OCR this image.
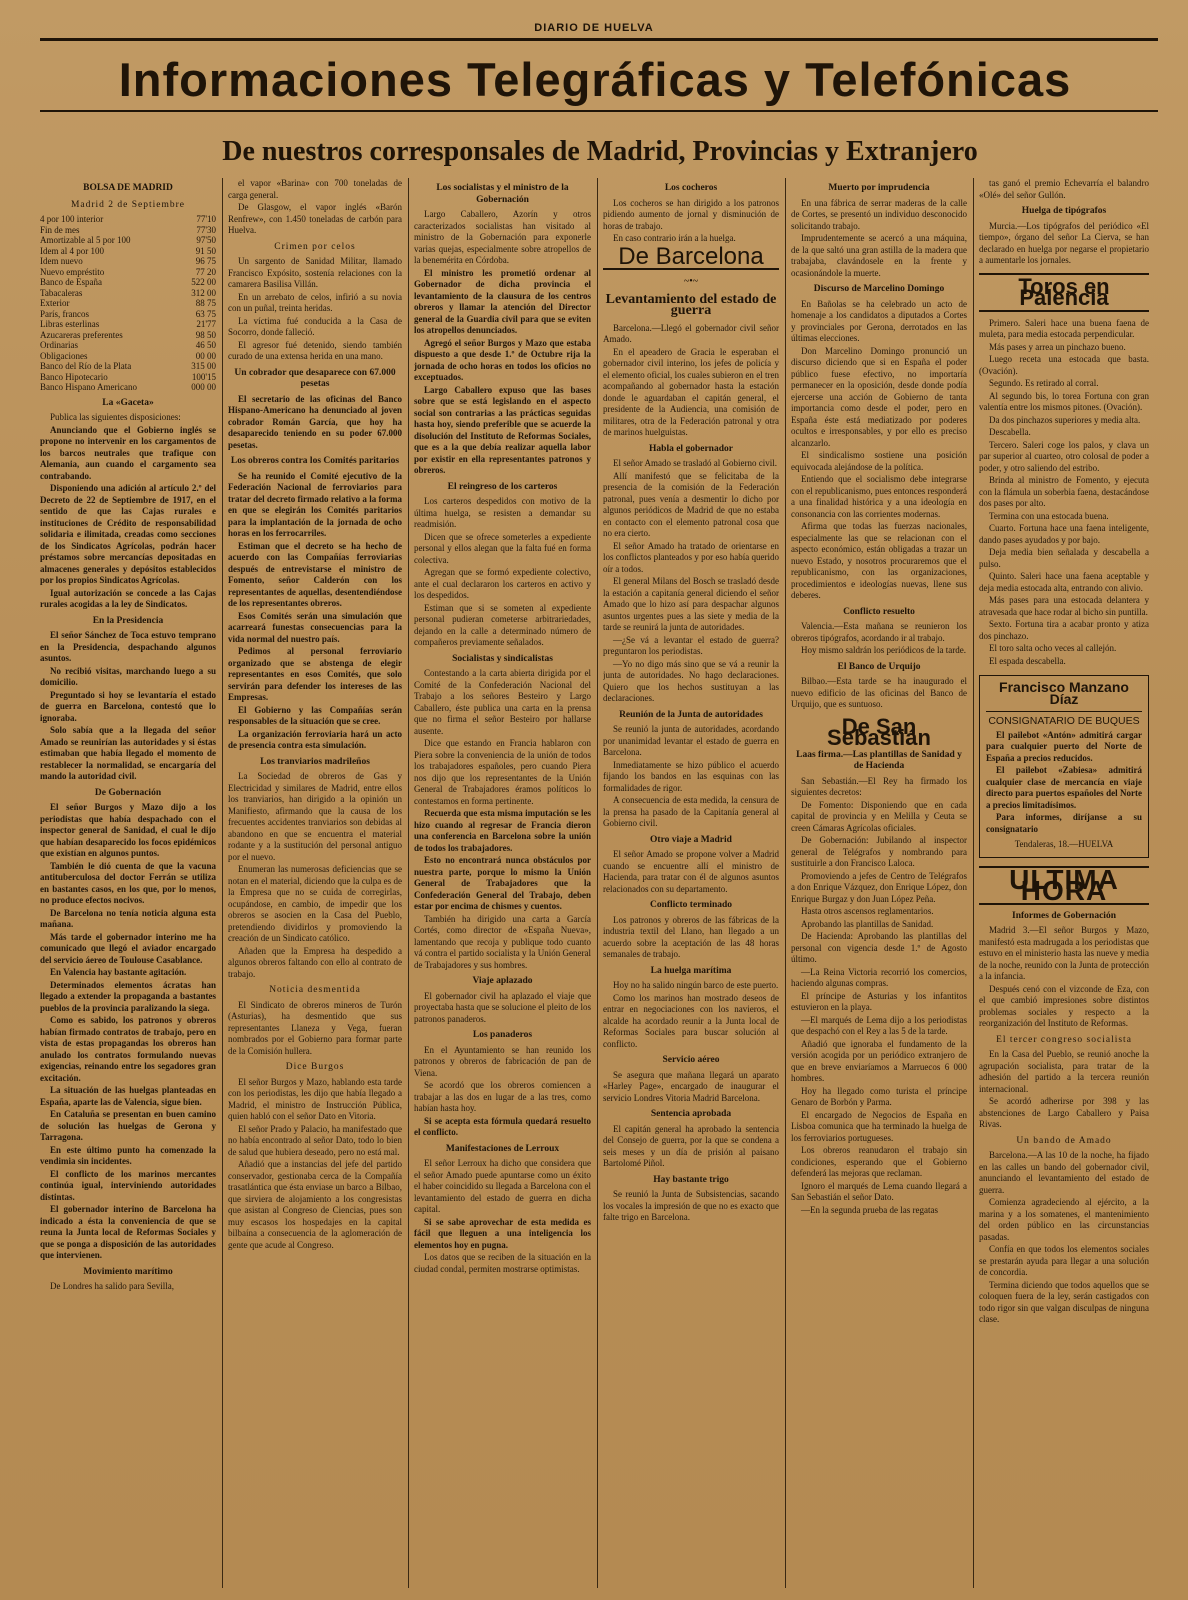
DIARIO DE HUELVA
Informaciones Telegráficas y Telefónicas
De nuestros corresponsales de Madrid, Provincias y Extranjero
BOLSA DE MADRID
Madrid 2 de Septiembre
4 por 100 interior	77'10
Fin de mes	77'30
Amortizable al 5 por 100	97'50
Idem al 4 por 100	91 50
Idem nuevo	96 75
Nuevo empréstito	77 20
Banco de España	522 00
Tabacaleras	312 00
Exterior	88 75
París, francos	63 75
Libras esterlinas	21'77
Azucareras preferentes	98 50
Ordinarias	46 50
Obligaciones	00 00
Banco del Río de la Plata	315 00
Banco Hipotecario	100'15
Banco Hispano Americano	000 00
La «Gaceta»

Publica las siguientes disposiciones:

Anunciando que el Gobierno inglés se propone no intervenir en los cargamentos de los barcos neutrales que trafique con Alemania, aun cuando el cargamento sea contrabando.

Disponiendo una adición al artículo 2.º del Decreto de 22 de Septiembre de 1917, en el sentido de que las Cajas rurales e instituciones de Crédito de responsabilidad solidaria e ilimitada, creadas como secciones de los Sindicatos Agrícolas, podrán hacer préstamos sobre mercancías depositadas en almacenes generales y depósitos establecidos por los propios Sindicatos Agrícolas.

Igual autorización se concede a las Cajas rurales acogidas a la ley de Sindicatos.

En la Presidencia

El señor Sánchez de Toca estuvo temprano en la Presidencia, despachando algunos asuntos.

No recibió visitas, marchando luego a su domicilio.

Preguntado si hoy se levantaría el estado de guerra en Barcelona, contestó que lo ignoraba.

Solo sabía que a la llegada del señor Amado se reunirían las autoridades y si éstas estimaban que había llegado el momento de restablecer la normalidad, se encargaría del mando la autoridad civil.

De Gobernación

El señor Burgos y Mazo dijo a los periodistas que había despachado con el inspector general de Sanidad, el cual le dijo que habían desaparecido los focos epidémicos que existían en algunos puntos.

También le dió cuenta de que la vacuna antituberculosa del doctor Ferrán se utiliza en bastantes casos, en los que, por lo menos, no produce efectos nocivos.

De Barcelona no tenía noticia alguna esta mañana.

Más tarde el gobernador interino me ha comunicado que llegó el aviador encargado del servicio áereo de Toulouse Casablance.

En Valencia hay bastante agitación.

Determinados elementos ácratas han llegado a extender la propaganda a bastantes pueblos de la provincia paralizando la siega.

Como es sabido, los patronos y obreros habían firmado contratos de trabajo, pero en vista de estas propagandas los obreros han anulado los contratos formulando nuevas exigencias, reinando entre los segadores gran excitación.

La situación de las huelgas planteadas en España, aparte las de Valencia, sigue bien.

En Cataluña se presentan en buen camino de solución las huelgas de Gerona y Tarragona.

En este último punto ha comenzado la vendimia sin incidentes.

El conflicto de los marinos mercantes continúa igual, interviniendo autoridades distintas.

El gobernador interino de Barcelona ha indicado a ésta la conveniencia de que se reuna la Junta local de Reformas Sociales y que se ponga a disposición de las autoridades que intervienen.

Movimiento marítimo

De Londres ha salido para Sevilla,

el vapor «Barina» con 700 toneladas de carga general.

De Glasgow, el vapor inglés «Barón Renfrew», con 1.450 toneladas de carbón para Huelva.

Crimen por celos

Un sargento de Sanidad Militar, llamado Francisco Expósito, sostenía relaciones con la camarera Basilisa Villán.

En un arrebato de celos, infirió a su novia con un puñal, treinta heridas.

La víctima fué conducida a la Casa de Socorro, donde falleció.

El agresor fué detenido, siendo también curado de una extensa herida en una mano.

Un cobrador que desaparece con 67.000 pesetas

El secretario de las oficinas del Banco Hispano-Americano ha denunciado al joven cobrador Román García, que hoy ha desaparecido teniendo en su poder 67.000 pesetas.

Los obreros contra los Comités paritarios

Se ha reunido el Comité ejecutivo de la Federación Nacional de ferroviarios para tratar del decreto firmado relativo a la forma en que se elegirán los Comités paritarios para la implantación de la jornada de ocho horas en los ferrocarriles.

Estiman que el decreto se ha hecho de acuerdo con las Compañías ferroviarias después de entrevistarse el ministro de Fomento, señor Calderón con los representantes de aquellas, desentendiéndose de los representantes obreros.

Esos Comités serán una simulación que acarreará funestas consecuencias para la vida normal del nuestro país.

Pedimos al personal ferroviario organizado que se abstenga de elegir representantes en esos Comités, que solo servirán para defender los intereses de las Empresas.

El Gobierno y las Compañías serán responsables de la situación que se cree.

La organización ferroviaria hará un acto de presencia contra esta simulación.

Los tranviarios madrileños

La Sociedad de obreros de Gas y Electricidad y similares de Madrid, entre ellos los tranviarios, han dirigido a la opinión un Manifiesto, afirmando que la causa de los frecuentes accidentes tranviarios son debidas al abandono en que se encuentra el material rodante y a la sustitución del personal antiguo por el nuevo.

Enumeran las numerosas deficiencias que se notan en el material, diciendo que la culpa es de la Empresa que no se cuida de corregirlas, ocupándose, en cambio, de impedir que los obreros se asocien en la Casa del Pueblo, pretendiendo dividirlos y promoviendo la creación de un Sindicato católico.

Añaden que la Empresa ha despedido a algunos obreros faltando con ello al contrato de trabajo.

Noticia desmentida

El Sindicato de obreros mineros de Turón (Asturias), ha desmentido que sus representantes Llaneza y Vega, fueran nombrados por el Gobierno para formar parte de la Comisión hullera.

Dice Burgos

El señor Burgos y Mazo, hablando esta tarde con los periodistas, les dijo que había llegado a Madrid, el ministro de Instrucción Pública, quien habló con el señor Dato en Vitoria.

El señor Prado y Palacio, ha manifestado que no había encontrado al señor Dato, todo lo bien de salud que hubiera deseado, pero no está mal.

Añadió que a instancias del jefe del partido conservador, gestionaba cerca de la Compañía trasatlántica que ésta enviase un barco a Bilbao, que sirviera de alojamiento a los congresistas que asistan al Congreso de Ciencias, pues son muy escasos los hospedajes en la capital bilbaína a consecuencia de la aglomeración de gente que acude al Congreso.

Los socialistas y el ministro de la Gobernación

Largo Caballero, Azorín y otros caracterizados socialistas han visitado al ministro de la Gobernación para exponerle varias quejas, especialmente sobre atropellos de la benemérita en Córdoba.

El ministro les prometió ordenar al Gobernador de dicha provincia el levantamiento de la clausura de los centros obreros y llamar la atención del Director general de la Guardia civil para que se eviten los atropellos denunciados.

Agregó el señor Burgos y Mazo que estaba dispuesto a que desde 1.º de Octubre rija la jornada de ocho horas en todos los oficios no exceptuados.

Largo Caballero expuso que las bases sobre que se está legislando en el aspecto social son contrarias a las prácticas seguidas hasta hoy, siendo preferible que se acuerde la disolución del Instituto de Reformas Sociales, que es a la que debía realizar aquella labor por existir en ella representantes patronos y obreros.

El reingreso de los carteros

Los carteros despedidos con motivo de la última huelga, se resisten a demandar su readmisión.

Dicen que se ofrece someterles a expediente personal y ellos alegan que la falta fué en forma colectiva.

Agregan que se formó expediente colectivo, ante el cual declararon los carteros en activo y los despedidos.

Estiman que si se someten al expediente personal pudieran cometerse arbitrariedades, dejando en la calle a determinado número de compañeros previamente señalados.

Socialistas y sindicalistas

Contestando a la carta abierta dirigida por el Comité de la Confederación Nacional del Trabajo a los señores Besteiro y Largo Caballero, éste publica una carta en la prensa que no firma el señor Besteiro por hallarse ausente.

Dice que estando en Francia hablaron con Piera sobre la conveniencia de la unión de todos los trabajadores españoles, pero cuando Piera nos dijo que los representantes de la Unión General de Trabajadores éramos políticos lo contestamos en forma pertinente.

Recuerda que esta misma imputación se les hizo cuando al regresar de Francia dieron una conferencia en Barcelona sobre la unión de todos los trabajadores.

Esto no encontrará nunca obstáculos por nuestra parte, porque lo mismo la Unión General de Trabajadores que la Confederación General del Trabajo, deben estar por encima de chismes y cuentos.

También ha dirigido una carta a García Cortés, como director de «España Nueva», lamentando que recoja y publique todo cuanto vá contra el partido socialista y la Unión General de Trabajadores y sus hombres.

Viaje aplazado

El gobernador civil ha aplazado el viaje que proyectaba hasta que se solucione el pleito de los patronos panaderos.

Los panaderos

En el Ayuntamiento se han reunido los patronos y obreros de fabricación de pan de Viena.

Se acordó que los obreros comiencen a trabajar a las dos en lugar de a las tres, como habían hasta hoy.

Si se acepta esta fórmula quedará resuelto el conflicto.

Manifestaciones de Lerroux

El señor Lerroux ha dicho que considera que el señor Amado puede apuntarse como un éxito el haber coincidido su llegada a Barcelona con el levantamiento del estado de guerra en dicha capital.

Si se sabe aprovechar de esta medida es fácil que lleguen a una inteligencia los elementos hoy en pugna.

Los datos que se reciben de la situación en la ciudad condal, permiten mostrarse optimistas.

Los cocheros

Los cocheros se han dirigido a los patronos pidiendo aumento de jornal y disminución de horas de trabajo.

En caso contrario irán a la huelga.

De Barcelona
~•~
Levantamiento del estado de guerra

Barcelona.—Llegó el gobernador civil señor Amado.

En el apeadero de Gracia le esperaban el gobernador civil interino, los jefes de policía y el elemento oficial, los cuales subieron en el tren acompañando al gobernador hasta la estación donde le aguardaban el capitán general, el presidente de la Audiencia, una comisión de militares, otra de la Federación patronal y otra de marinos huelguistas.

Habla el gobernador

El señor Amado se trasladó al Gobierno civil.

Allí manifestó que se felicitaba de la presencia de la comisión de la Federación patronal, pues venía a desmentir lo dicho por algunos periódicos de Madrid de que no estaba en contacto con el elemento patronal cosa que no era cierto.

El señor Amado ha tratado de orientarse en los conflictos planteados y por eso había querido oír a todos.

El general Milans del Bosch se trasladó desde la estación a capitanía general diciendo el señor Amado que lo hizo así para despachar algunos asuntos urgentes pues a las siete y media de la tarde se reunirá la junta de autoridades.

—¿Se vá a levantar el estado de guerra? preguntaron los periodistas.

—Yo no digo más sino que se vá a reunir la junta de autoridades. No hago declaraciones. Quiero que los hechos sustituyan a las declaraciones.

Reunión de la Junta de autoridades

Se reunió la junta de autoridades, acordando por unanimidad levantar el estado de guerra en Barcelona.

Inmediatamente se hizo público el acuerdo fijando los bandos en las esquinas con las formalidades de rigor.

A consecuencia de esta medida, la censura de la prensa ha pasado de la Capitanía general al Gobierno civil.

Otro viaje a Madrid

El señor Amado se propone volver a Madrid cuando se encuentre allí el ministro de Hacienda, para tratar con él de algunos asuntos relacionados con su departamento.

Conflicto terminado

Los patronos y obreros de las fábricas de la industria textil del Llano, han llegado a un acuerdo sobre la aceptación de las 48 horas semanales de trabajo.

La huelga marítima

Hoy no ha salido ningún barco de este puerto.

Como los marinos han mostrado deseos de entrar en negociaciones con los navieros, el alcalde ha acordado reunir a la Junta local de Reformas Sociales para buscar solución al conflicto.

Servicio aéreo

Se asegura que mañana llegará un aparato «Harley Page», encargado de inaugurar el servicio Londres Vitoria Madrid Barcelona.

Sentencia aprobada

El capitán general ha aprobado la sentencia del Consejo de guerra, por la que se condena a seis meses y un día de prisión al paisano Bartolomé Piñol.

Hay bastante trigo

Se reunió la Junta de Subsistencias, sacando los vocales la impresión de que no es exacto que falte trigo en Barcelona.

Muerto por imprudencia

En una fábrica de serrar maderas de la calle de Cortes, se presentó un individuo desconocido solicitando trabajo.

Imprudentemente se acercó a una máquina, de la que saltó una gran astilla de la madera que trabajaba, clavándosele en la frente y ocasionándole la muerte.

Discurso de Marcelino Domingo

En Bañolas se ha celebrado un acto de homenaje a los candidatos a diputados a Cortes y provinciales por Gerona, derrotados en las últimas elecciones.

Don Marcelino Domingo pronunció un discurso diciendo que si en España el poder público fuese efectivo, no importaría permanecer en la oposición, desde donde podía ejercerse una acción de Gobierno de tanta importancia como desde el poder, pero en España éste está mediatizado por poderes ocultos e irresponsables, y por ello es preciso alcanzarlo.

El sindicalismo sostiene una posición equivocada alejándose de la política.

Entiendo que el socialismo debe integrarse con el republicanismo, pues entonces responderá a una finalidad histórica y a una ideología en consonancia con las corrientes modernas.

Afirma que todas las fuerzas nacionales, especialmente las que se relacionan con el aspecto económico, están obligadas a trazar un nuevo Estado, y nosotros procuraremos que el republicanismo, con las organizaciones, procedimientos e ideologías nuevas, llene sus deberes.

Conflicto resuelto

Valencia.—Esta mañana se reunieron los obreros tipógrafos, acordando ir al trabajo.

Hoy mismo saldrán los periódicos de la tarde.

El Banco de Urquijo

Bilbao.—Esta tarde se ha inaugurado el nuevo edificio de las oficinas del Banco de Urquijo, que es suntuoso.

De San Sebastián
Laas firma.—Las plantillas de Sanidad y de Hacienda

San Sebastián.—El Rey ha firmado los siguientes decretos:

De Fomento: Disponiendo que en cada capital de provincia y en Melilla y Ceuta se creen Cámaras Agrícolas oficiales.

De Gobernación: Jubilando al inspector general de Telégrafos y nombrando para sustituirle a don Francisco Laloca.

Promoviendo a jefes de Centro de Telégrafos a don Enrique Vázquez, don Enrique López, don Enrique Burgaz y don Juan López Peña.

Hasta otros ascensos reglamentarios.

Aprobando las plantillas de Sanidad.

De Hacienda: Aprobando las plantillas del personal con vigencia desde 1.º de Agosto último.

—La Reina Victoria recorrió los comercios, haciendo algunas compras.

El príncipe de Asturias y los infantitos estuvieron en la playa.

—El marqués de Lema dijo a los periodistas que despachó con el Rey a las 5 de la tarde.

Añadió que ignoraba el fundamento de la versión acogida por un periódico extranjero de que en breve enviaríamos a Marruecos 6 000 hombres.

Hoy ha llegado como turista el príncipe Genaro de Borbón y Parma.

El encargado de Negocios de España en Lisboa comunica que ha terminado la huelga de los ferroviarios portugueses.

Los obreros reanudaron el trabajo sin condiciones, esperando que el Gobierno defenderá las mejoras que reclaman.

Ignoro el marqués de Lema cuando llegará a San Sebastián el señor Dato.

—En la segunda prueba de las regatas

tas ganó el premio Echevarría el balandro «Olé» del señor Gullón.

Huelga de tipógrafos

Murcia.—Los tipógrafos del periódico «El tiempo», órgano del señor La Cierva, se han declarado en huelga por negarse el propietario a aumentarle los jornales.

Toros en Palencia

Primero. Saleri hace una buena faena de muleta, para media estocada perpendicular.

Más pases y arrea un pinchazo bueno.

Luego receta una estocada que basta. (Ovación).

Segundo. Es retirado al corral.

Al segundo bis, lo torea Fortuna con gran valentía entre los mismos pitones. (Ovación).

Da dos pinchazos superiores y media alta.

Descabella.

Tercero. Saleri coge los palos, y clava un par superior al cuarteo, otro colosal de poder a poder, y otro saliendo del estribo.

Brinda al ministro de Fomento, y ejecuta con la flámula un soberbia faena, destacándose dos pases por alto.

Termina con una estocada buena.

Cuarto. Fortuna hace una faena inteligente, dando pases ayudados y por bajo.

Deja media bien señalada y descabella a pulso.

Quinto. Saleri hace una faena aceptable y deja media estocada alta, entrando con alivio.

Más pases para una estocada delantera y atravesada que hace rodar al bicho sin puntilla.

Sexto. Fortuna tira a acabar pronto y atiza dos pinchazo.

El toro salta ocho veces al callejón.

El espada descabella.

Francisco Manzano Díaz
CONSIGNATARIO DE BUQUES

El pailebot «Antón» admitirá cargar para cualquier puerto del Norte de España a precios reducidos.

El pailebot «Zabiesa» admitirá cualquier clase de mercancía en viaje directo para puertos españoles del Norte a precios limitadísimos.

Para informes, diríjanse a su consignatario

Tendaleras, 18.—HUELVA
ULTIMA HORA
Informes de Gobernación

Madrid 3.—El señor Burgos y Mazo, manifestó esta madrugada a los periodistas que estuvo en el ministerio hasta las nueve y media de la noche, reunido con la Junta de protección a la infancia.

Después cenó con el vizconde de Eza, con el que cambió impresiones sobre distintos problemas sociales y respecto a la reorganización del Instituto de Reformas.

El tercer congreso socialista

En la Casa del Pueblo, se reunió anoche la agrupación socialista, para tratar de la adhesión del partido a la tercera reunión internacional.

Se acordó adherirse por 398 y las abstenciones de Largo Caballero y Paisa Rivas.

Un bando de Amado

Barcelona.—A las 10 de la noche, ha fijado en las calles un bando del gobernador civil, anunciando el levantamiento del estado de guerra.

Comienza agradeciendo al ejército, a la marina y a los somatenes, el mantenimiento del orden público en las circunstancias pasadas.

Confía en que todos los elementos sociales se prestarán ayuda para llegar a una solución de concordia.

Termina diciendo que todos aquellos que se coloquen fuera de la ley, serán castigados con todo rigor sin que valgan disculpas de ninguna clase.
